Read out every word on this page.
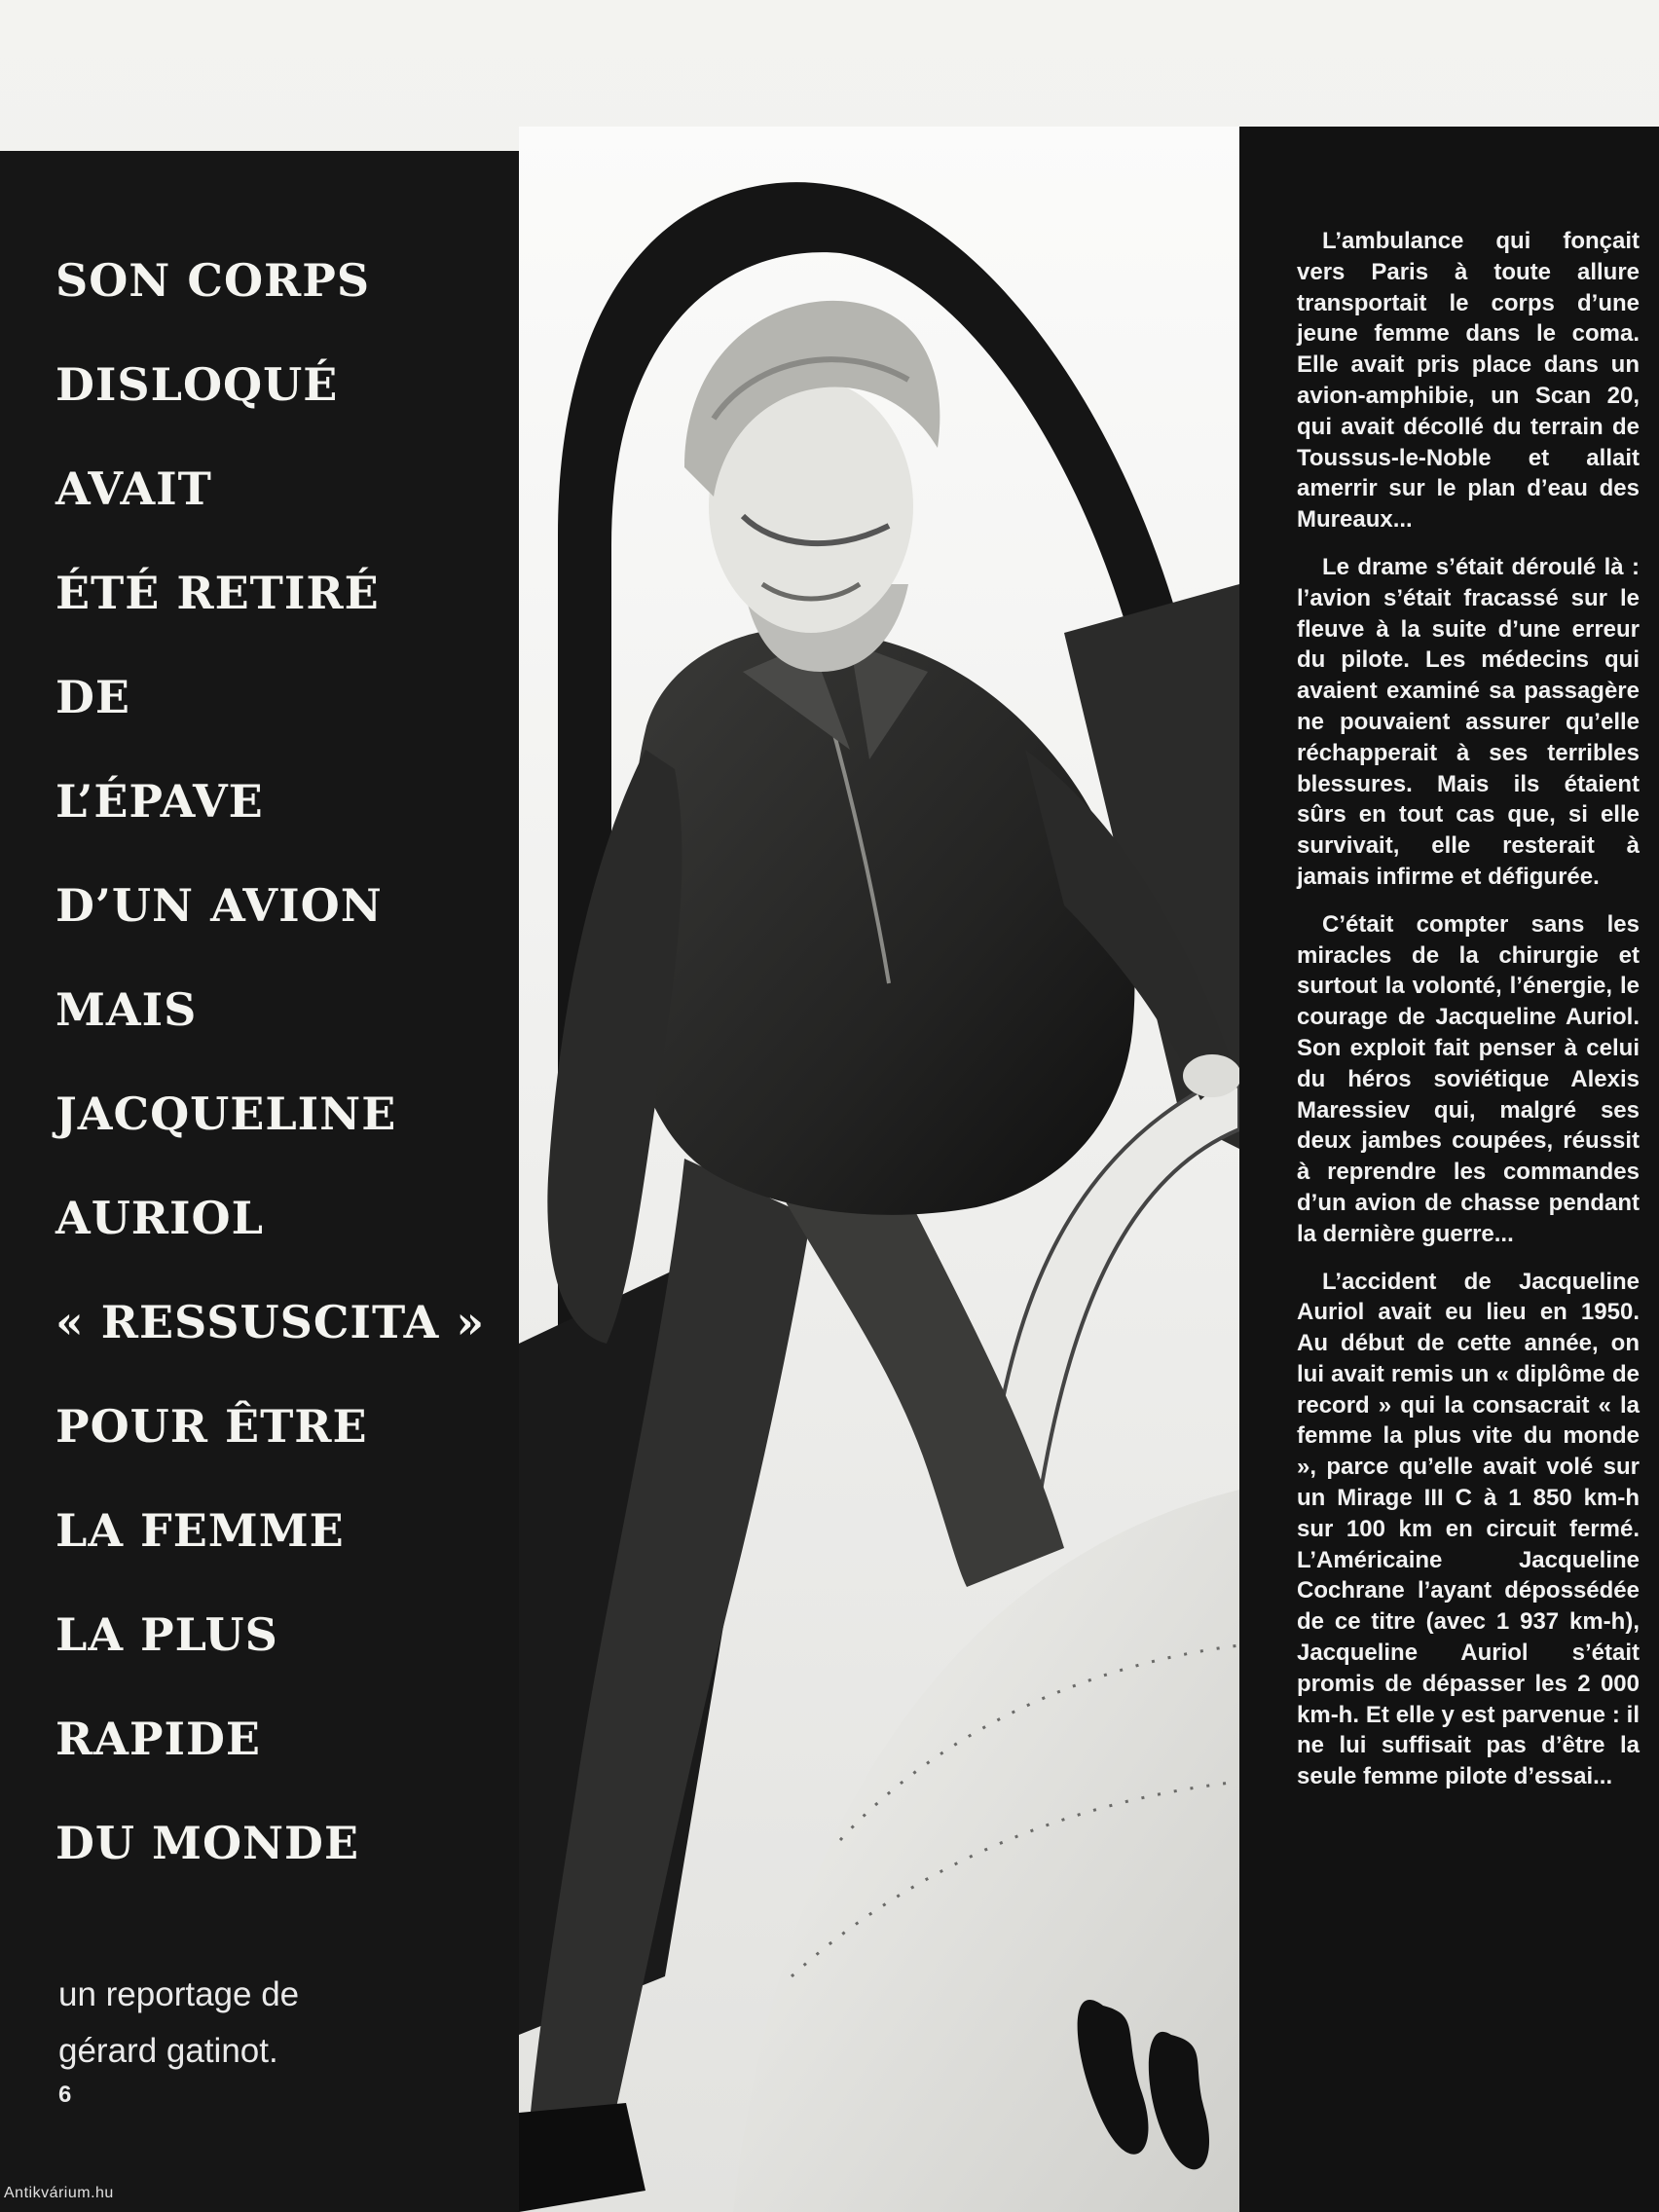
SON CORPS
DISLOQUÉ
AVAIT
ÉTÉ RETIRÉ
DE
L’ÉPAVE
D’UN AVION
MAIS
JACQUELINE
AURIOL
« RESSUSCITA »
POUR ÊTRE
LA FEMME
LA PLUS
RAPIDE
DU MONDE
un reportage de
gérard gatinot.
6

L’ambulance qui fonçait vers Paris à toute allure transportait le corps d’une jeune femme dans le coma. Elle avait pris place dans un avion-amphibie, un Scan 20, qui avait décollé du terrain de Toussus-le-Noble et allait amerrir sur le plan d’eau des Mureaux...

Le drame s’était déroulé là : l’avion s’était fracassé sur le fleuve à la suite d’une erreur du pilote. Les médecins qui avaient examiné sa passagère ne pouvaient assurer qu’elle réchapperait à ses terribles blessures. Mais ils étaient sûrs en tout cas que, si elle survivait, elle resterait à jamais infirme et défigurée.

C’était compter sans les miracles de la chirurgie et surtout la volonté, l’énergie, le courage de Jacqueline Auriol. Son exploit fait penser à celui du héros soviétique Alexis Maressiev qui, malgré ses deux jambes coupées, réussit à reprendre les commandes d’un avion de chasse pendant la dernière guerre...

L’accident de Jacqueline Auriol avait eu lieu en 1950. Au début de cette année, on lui avait remis un « diplôme de record » qui la consacrait « la femme la plus vite du monde », parce qu’elle avait volé sur un Mirage III C à 1 850 km-h sur 100 km en circuit fermé. L’Américaine Jacqueline Cochrane l’ayant dépossédée de ce titre (avec 1 937 km-h), Jacqueline Auriol s’était promis de dépasser les 2 000 km-h. Et elle y est parvenue : il ne lui suffisait pas d’être la seule femme pilote d’essai...

Antikvárium.hu
